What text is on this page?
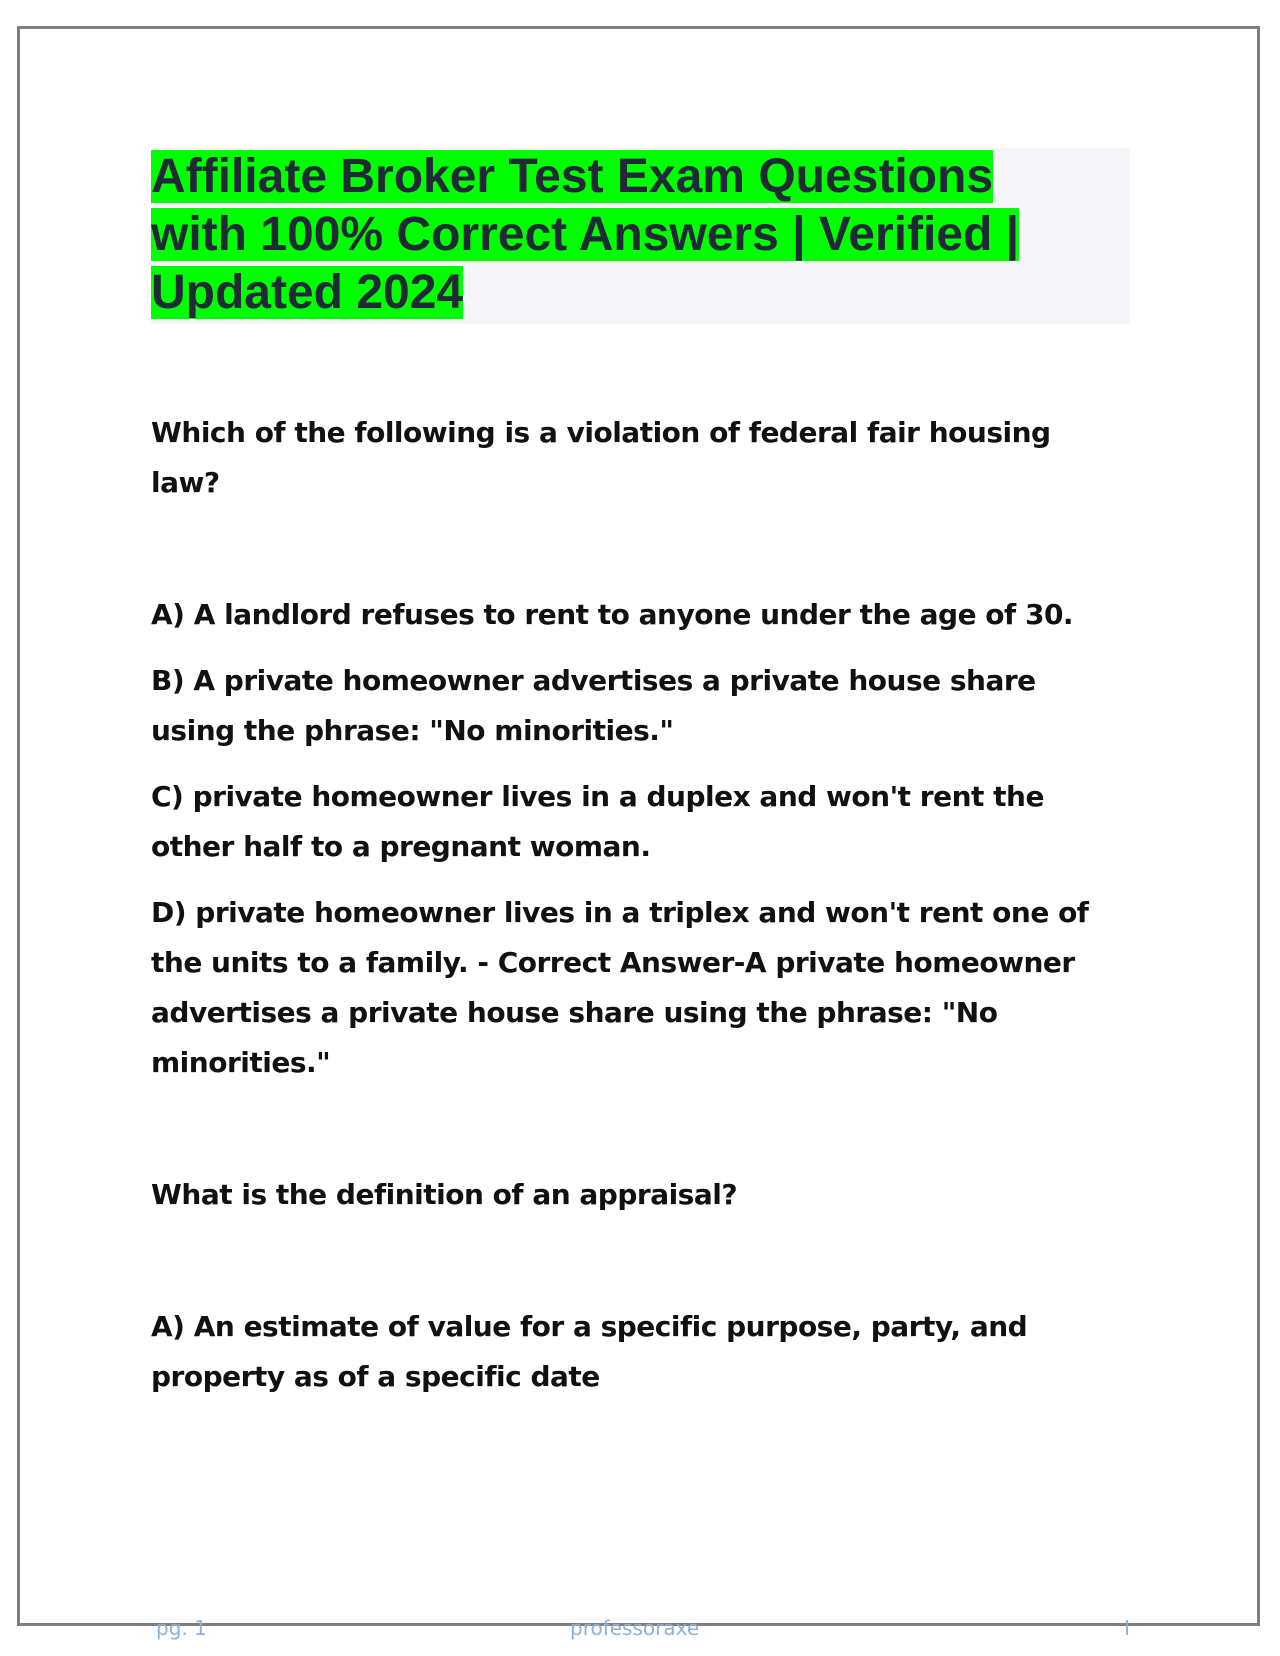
Affiliate Broker Test Exam Questions
with 100% Correct Answers | Verified |
Updated 2024

Which of the following is a violation of federal fair housing law?

A) A landlord refuses to rent to anyone under the age of 30.

B) A private homeowner advertises a private house share using the phrase: "No minorities."

C) private homeowner lives in a duplex and won't rent the other half to a pregnant woman.

D) private homeowner lives in a triplex and won't rent one of the units to a family. - Correct Answer-A private homeowner advertises a private house share using the phrase: "No minorities."

What is the definition of an appraisal?

A) An estimate of value for a specific purpose, party, and property as of a specific date

pg. 1	professoraxe	I
